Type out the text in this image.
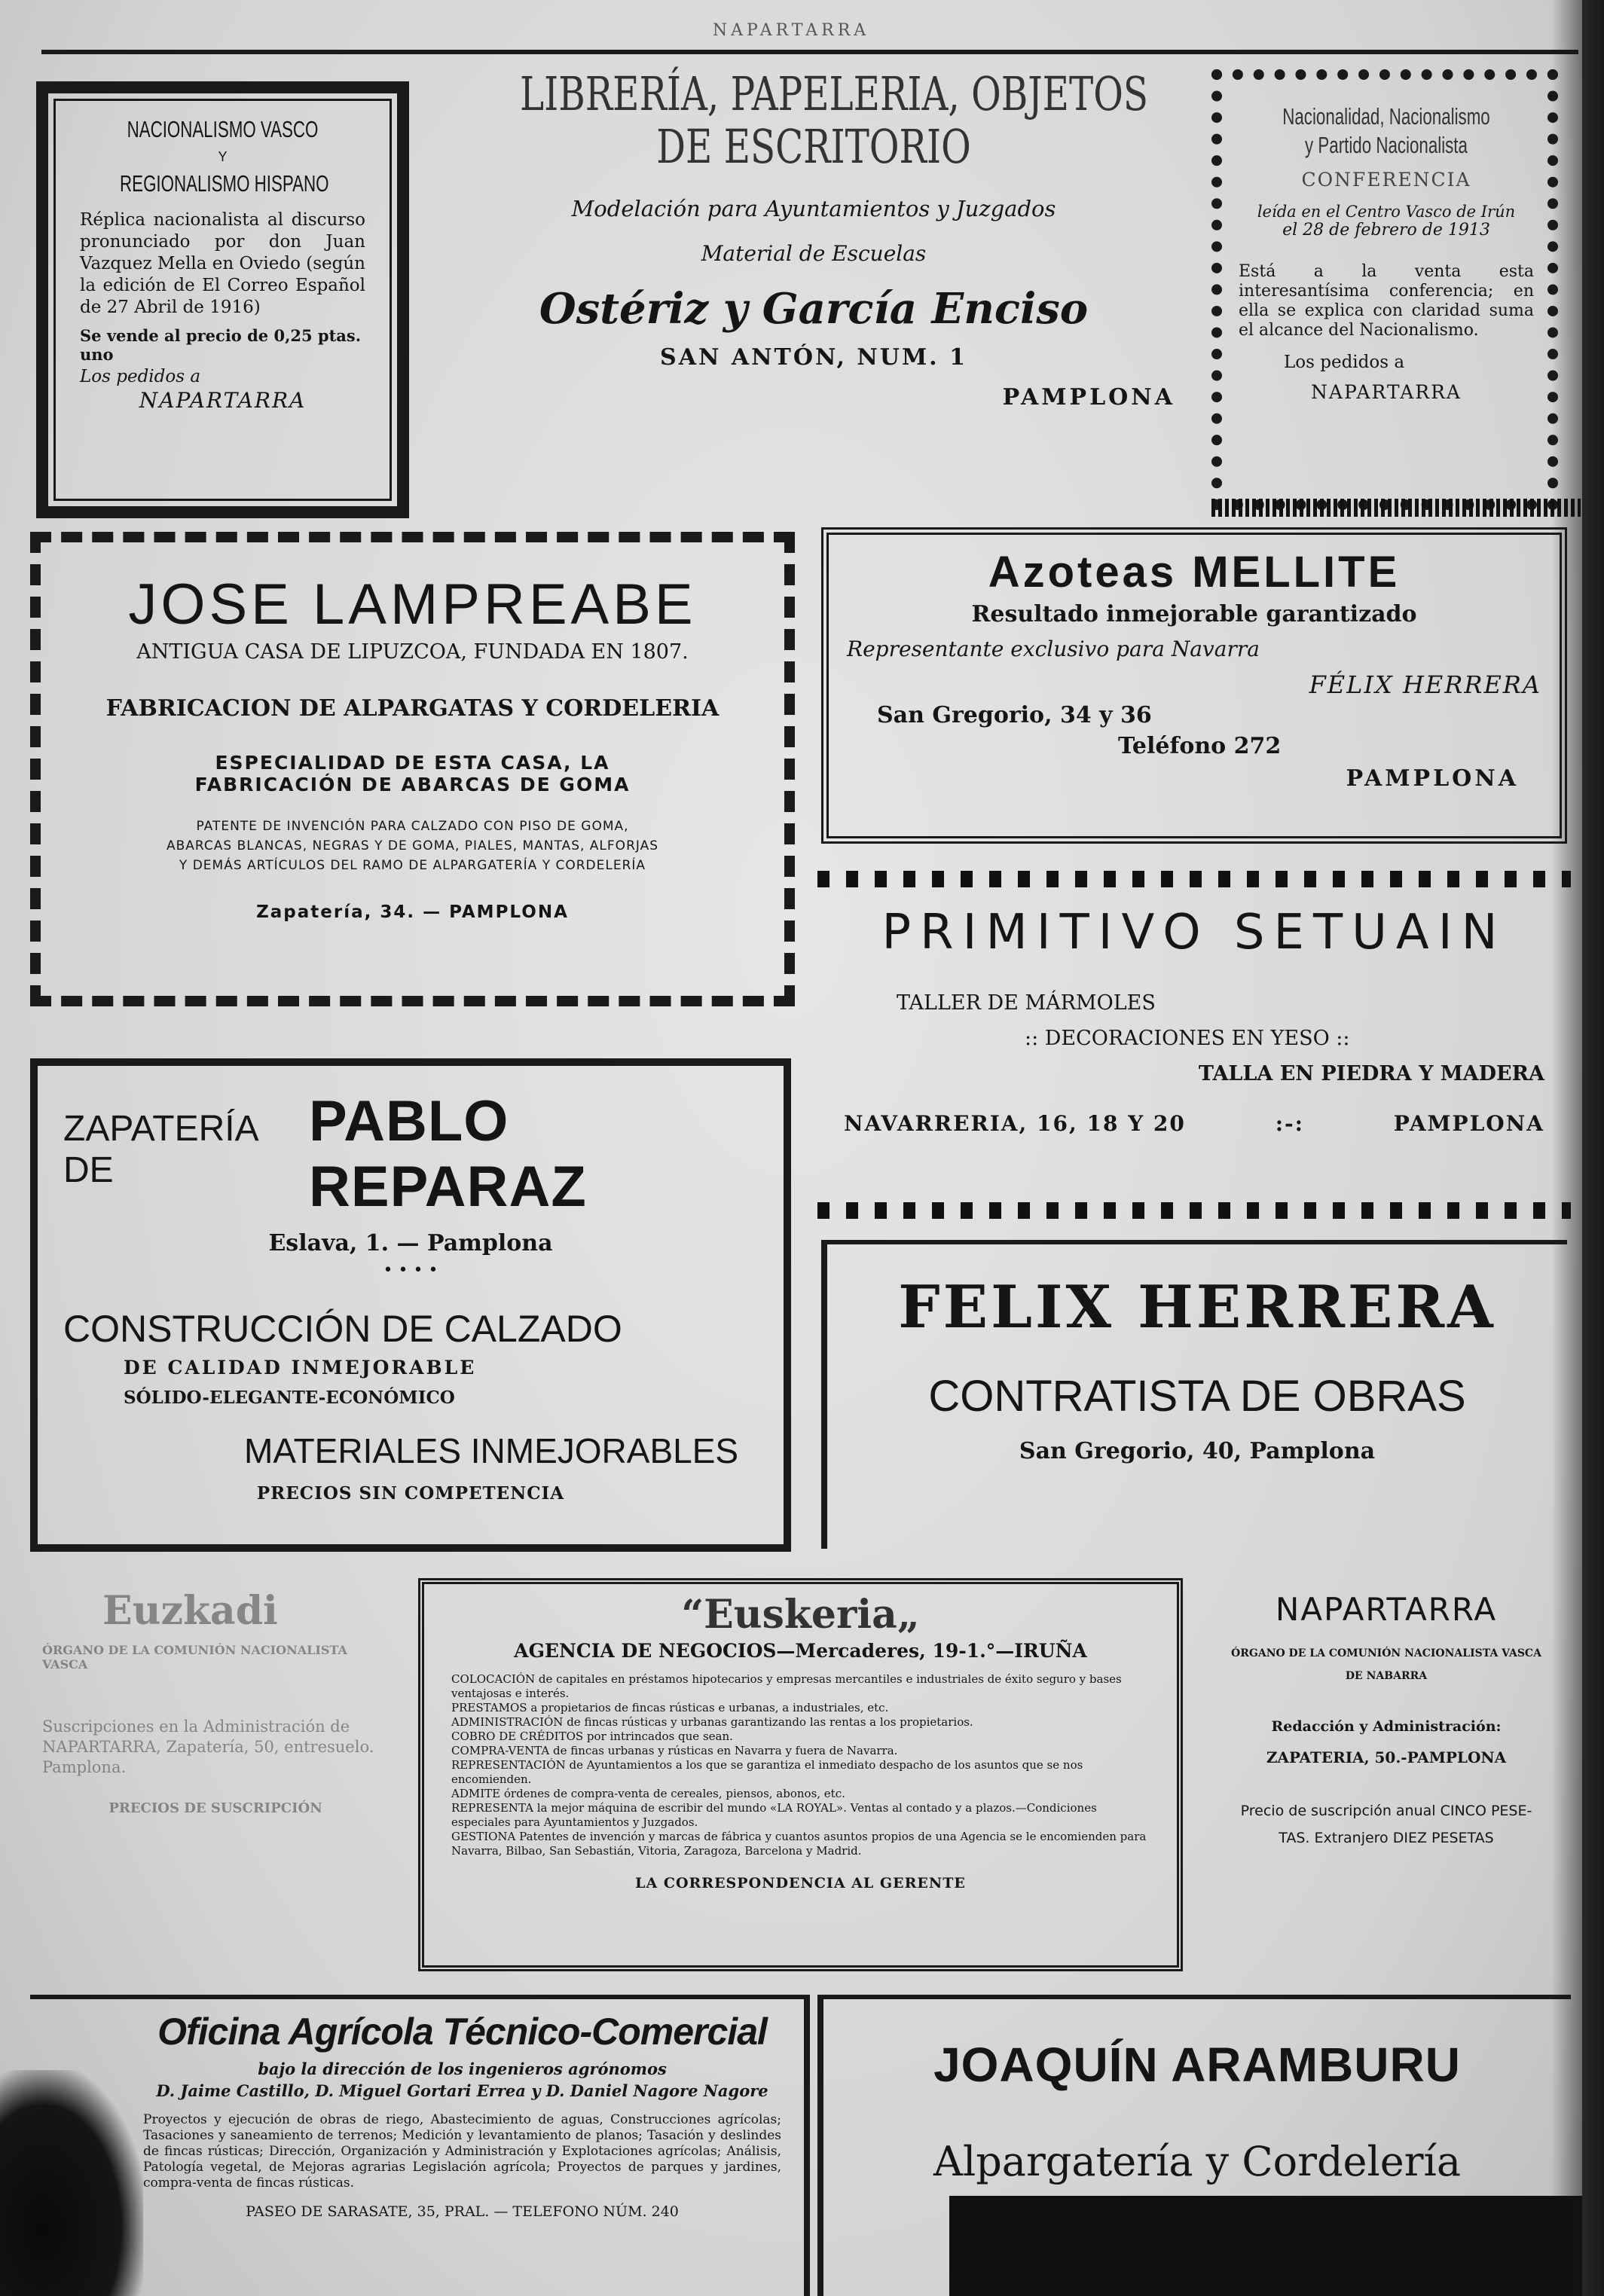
NAPARTARRA
NACIONALISMO VASCO
Y
REGIONALISMO HISPANO
Réplica nacionalista al discurso pronunciado por don Juan Vazquez Mella en Oviedo (según la edición de El Correo Español de 27 Abril de 1916)
Se vende al precio de 0,25 ptas. uno
Los pedidos a
NAPARTARRA
LIBRERÍA, PAPELERIA, OBJETOS
DE ESCRITORIO
Modelación para Ayuntamientos y Juzgados
Material de Escuelas
Ostériz y García Enciso
SAN ANTÓN, NUM. 1
PAMPLONA
Nacionalidad, Nacionalismo
y Partido Nacionalista
CONFERENCIA
leída en el Centro Vasco de Irún
el 28 de febrero de 1913
Está a la venta esta interesantísima conferencia; en ella se explica con claridad suma el alcance del Nacionalismo.
Los pedidos a
NAPARTARRA
JOSE LAMPREABE
ANTIGUA CASA DE LIPUZCOA, FUNDADA EN 1807.
FABRICACION DE ALPARGATAS Y CORDELERIA
ESPECIALIDAD DE ESTA CASA, LA
FABRICACIÓN DE ABARCAS DE GOMA
PATENTE DE INVENCIÓN PARA CALZADO CON PISO DE GOMA,
ABARCAS BLANCAS, NEGRAS Y DE GOMA, PIALES, MANTAS, ALFORJAS
Y DEMÁS ARTÍCULOS DEL RAMO DE ALPARGATERÍA Y CORDELERÍA
Zapatería, 34. — PAMPLONA
Azoteas MELLITE
Resultado inmejorable garantizado
Representante exclusivo para Navarra
FÉLIX HERRERA
San Gregorio, 34 y 36
Teléfono 272
PAMPLONA
PRIMITIVO SETUAIN
TALLER DE MÁRMOLES
:: DECORACIONES EN YESO ::
TALLA EN PIEDRA Y MADERA
NAVARRERIA, 16, 18 Y 20	:-:	PAMPLONA
ZAPATERÍA DE
PABLO REPARAZ
Eslava, 1. — Pamplona
• • • •
CONSTRUCCIÓN DE CALZADO
DE CALIDAD INMEJORABLE
SÓLIDO-ELEGANTE-ECONÓMICO
MATERIALES INMEJORABLES
PRECIOS SIN COMPETENCIA
FELIX HERRERA
CONTRATISTA DE OBRAS
San Gregorio, 40, Pamplona
Euzkadi
ÓRGANO DE LA COMUNIÓN NACIONALISTA VASCA
Suscripciones en la Administración de NAPARTARRA, Zapatería, 50, entresuelo. Pamplona.
PRECIOS DE SUSCRIPCIÓN
“Euskeria„
AGENCIA DE NEGOCIOS—Mercaderes, 19-1.°—IRUÑA
COLOCACIÓN de capitales en préstamos hipotecarios y empresas mercantiles e industriales de éxito seguro y bases ventajosas e interés.
PRESTAMOS a propietarios de fincas rústicas e urbanas, a industriales, etc.
ADMINISTRACIÓN de fincas rústicas y urbanas garantizando las rentas a los propietarios.
COBRO DE CRÉDITOS por intrincados que sean.
COMPRA-VENTA de fincas urbanas y rústicas en Navarra y fuera de Navarra.
REPRESENTACIÓN de Ayuntamientos a los que se garantiza el inmediato despacho de los asuntos que se nos encomienden.
ADMITE órdenes de compra-venta de cereales, piensos, abonos, etc.
REPRESENTA la mejor máquina de escribir del mundo «LA ROYAL». Ventas al contado y a plazos.—Condiciones especiales para Ayuntamientos y Juzgados.
GESTIONA Patentes de invención y marcas de fábrica y cuantos asuntos propios de una Agencia se le encomienden para Navarra, Bilbao, San Sebastián, Vitoria, Zaragoza, Barcelona y Madrid.
LA CORRESPONDENCIA AL GERENTE
NAPARTARRA
ÓRGANO DE LA COMUNIÓN NACIONALISTA VASCA
DE NABARRA
Redacción y Administración:
ZAPATERIA, 50.-PAMPLONA
Precio de suscripción anual CINCO PESE-
TAS. Extranjero DIEZ PESETAS
Oficina Agrícola Técnico-Comercial
bajo la dirección de los ingenieros agrónomos
D. Jaime Castillo, D. Miguel Gortari Errea y D. Daniel Nagore Nagore
Proyectos y ejecución de obras de riego, Abastecimiento de aguas, Construcciones agrícolas; Tasaciones y saneamiento de terrenos; Medición y levantamiento de planos; Tasación y deslindes de fincas rústicas; Dirección, Organización y Administración y Explotaciones agrícolas; Análisis, Patología vegetal, de Mejoras agrarias Legislación agrícola; Proyectos de parques y jardines, compra-venta de fincas rústicas.
PASEO DE SARASATE, 35, PRAL. — TELEFONO NÚM. 240
JOAQUÍN ARAMBURU
Alpargatería y Cordelería
